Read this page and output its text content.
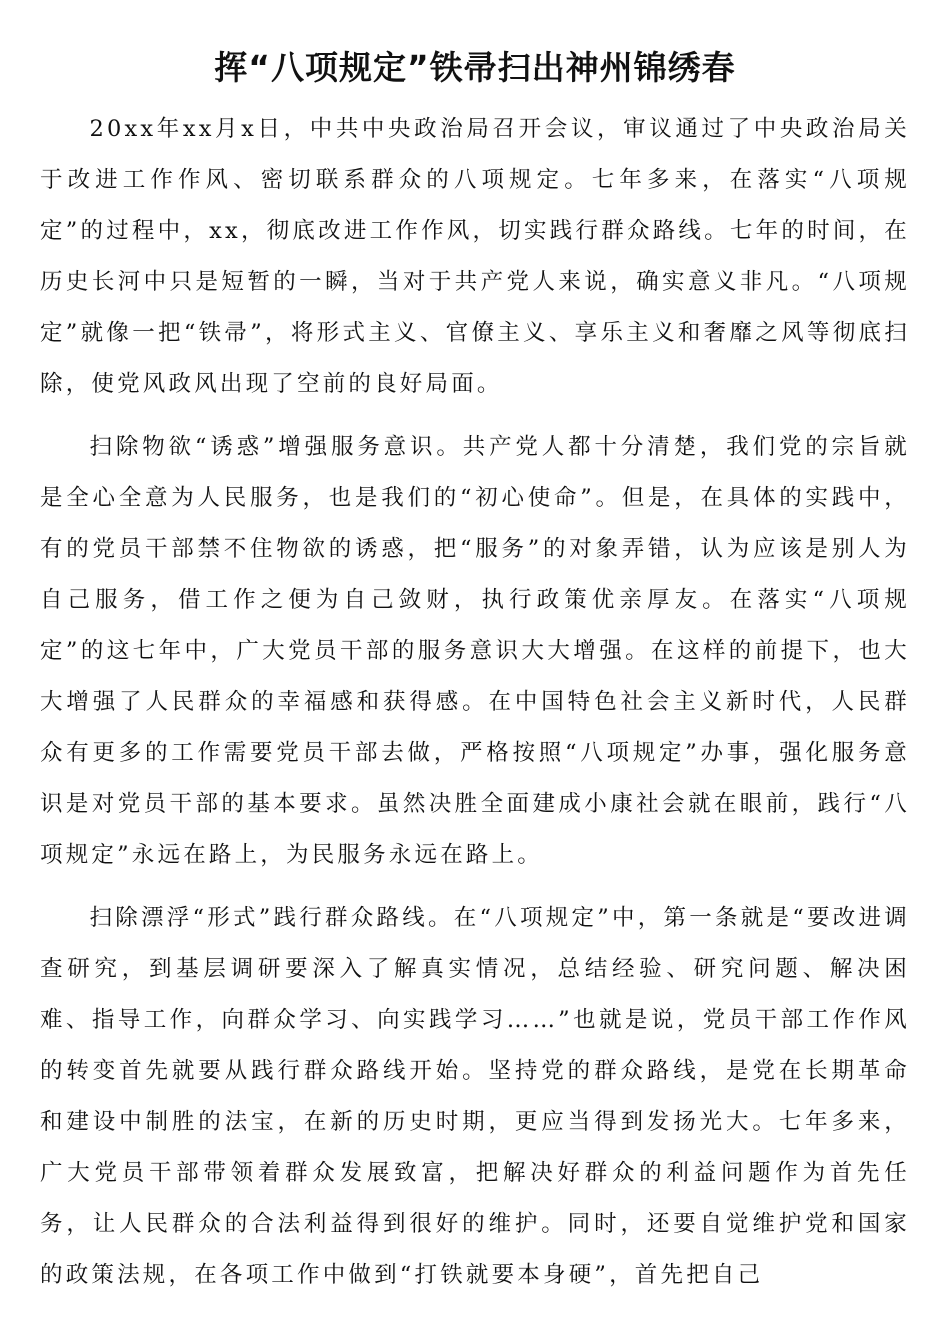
挥“八项规定”铁帚扫出神州锦绣春

20xx年xx月x日，中共中央政治局召开会议，审议通过了中央政治局关于改进工作作风、密切联系群众的八项规定。七年多来，在落实“八项规定”的过程中，xx，彻底改进工作作风，切实践行群众路线。七年的时间，在历史长河中只是短暂的一瞬，当对于共产党人来说，确实意义非凡。“八项规定”就像一把“铁帚”，将形式主义、官僚主义、享乐主义和奢靡之风等彻底扫除，使党风政风出现了空前的良好局面。

扫除物欲“诱惑”增强服务意识。共产党人都十分清楚，我们党的宗旨就是全心全意为人民服务，也是我们的“初心使命”。但是，在具体的实践中，有的党员干部禁不住物欲的诱惑，把“服务”的对象弄错，认为应该是别人为自己服务，借工作之便为自己敛财，执行政策优亲厚友。在落实“八项规定”的这七年中，广大党员干部的服务意识大大增强。在这样的前提下，也大大增强了人民群众的幸福感和获得感。在中国特色社会主义新时代，人民群众有更多的工作需要党员干部去做，严格按照“八项规定”办事，强化服务意识是对党员干部的基本要求。虽然决胜全面建成小康社会就在眼前，践行“八项规定”永远在路上，为民服务永远在路上。

扫除漂浮“形式”践行群众路线。在“八项规定”中，第一条就是“要改进调查研究，到基层调研要深入了解真实情况，总结经验、研究问题、解决困难、指导工作，向群众学习、向实践学习……”也就是说，党员干部工作作风的转变首先就要从践行群众路线开始。坚持党的群众路线，是党在长期革命和建设中制胜的法宝，在新的历史时期，更应当得到发扬光大。七年多来，广大党员干部带领着群众发展致富，把解决好群众的利益问题作为首先任务，让人民群众的合法利益得到很好的维护。同时，还要自觉维护党和国家的政策法规，在各项工作中做到“打铁就要本身硬”，首先把自己
